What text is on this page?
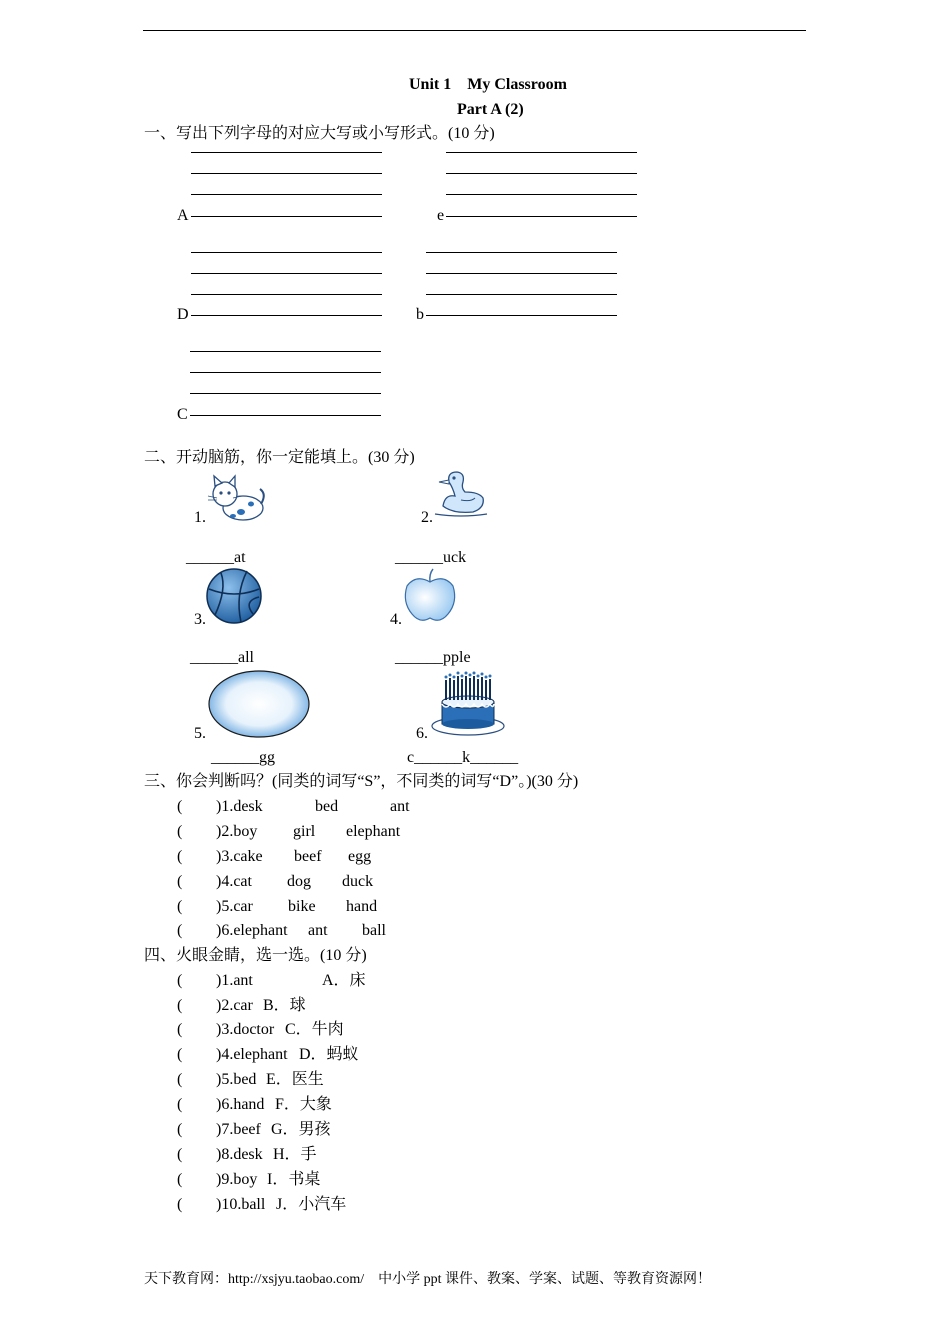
Unit 1　My Classroom
Part A (2)
一、写出下列字母的对应大写或小写形式。(10 分)
A	e
D	b
C
二、开动脑筋，你一定能填上。(30 分)
1.
______at
2.
______uck
3.
______all
4.
______pple
5.
______gg
6.
c______k______
三、你会判断吗？(同类的词写“S”，不同类的词写“D”。)(30 分)
( )1.desk	bed	ant
( )2.boy girl elephant
( )3.cake beef egg
( )4.cat dog duck
( )5.car bike hand
( )6.elephant ant ball
四、火眼金睛，选一选。(10 分)
( )1.ant	A．床
( )2.car B．球
( )3.doctor C．牛肉
( )4.elephant D．蚂蚁
( )5.bed E．医生
( )6.hand F．大象
( )7.beef G．男孩
( )8.desk H．手
( )9.boy I．书桌
( )10.ball J．小汽车
天下教育网：http://xsjyu.taobao.com/　中小学 ppt 课件、教案、学案、试题、等教育资源网！
